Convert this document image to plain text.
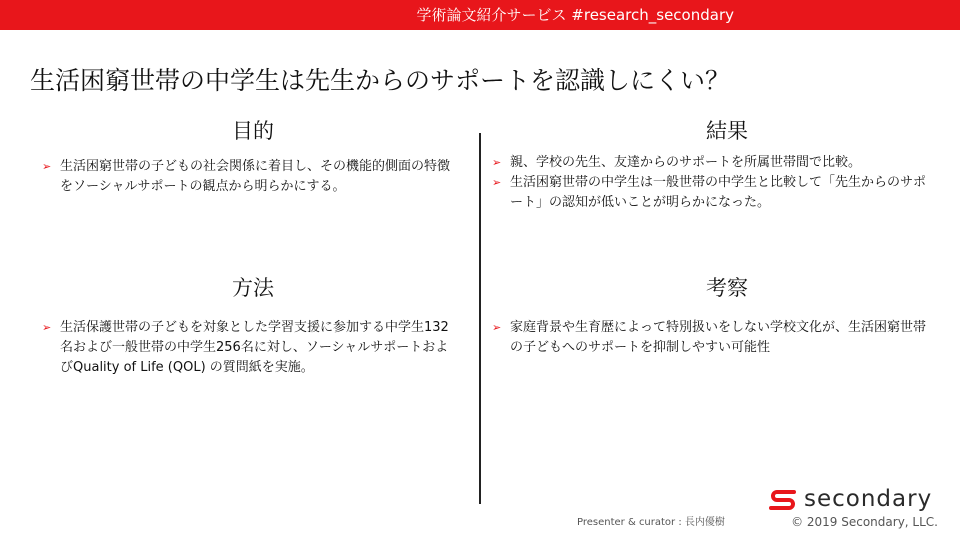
学術論文紹介サービス #research_secondary
生活困窮世帯の中学生は先生からのサポートを認識しにくい？
目的
➢ 生活困窮世帯の子どもの社会関係に着目し、その機能的側面の特徴をソーシャルサポートの観点から明らかにする。
結果
➢ 親、学校の先生、友達からのサポートを所属世帯間で比較。
➢ 生活困窮世帯の中学生は一般世帯の中学生と比較して「先生からのサポート」の認知が低いことが明らかになった。
方法
➢ 生活保護世帯の子どもを対象とした学習支援に参加する中学生132名および一般世帯の中学生256名に対し、ソーシャルサポートおよびQuality of Life (QOL) の質問紙を実施。
考察
➢ 家庭背景や生育歴によって特別扱いをしない学校文化が、生活困窮世帯の子どもへのサポートを抑制しやすい可能性
secondary
Presenter & curator : 長内優樹	© 2019 Secondary, LLC.
